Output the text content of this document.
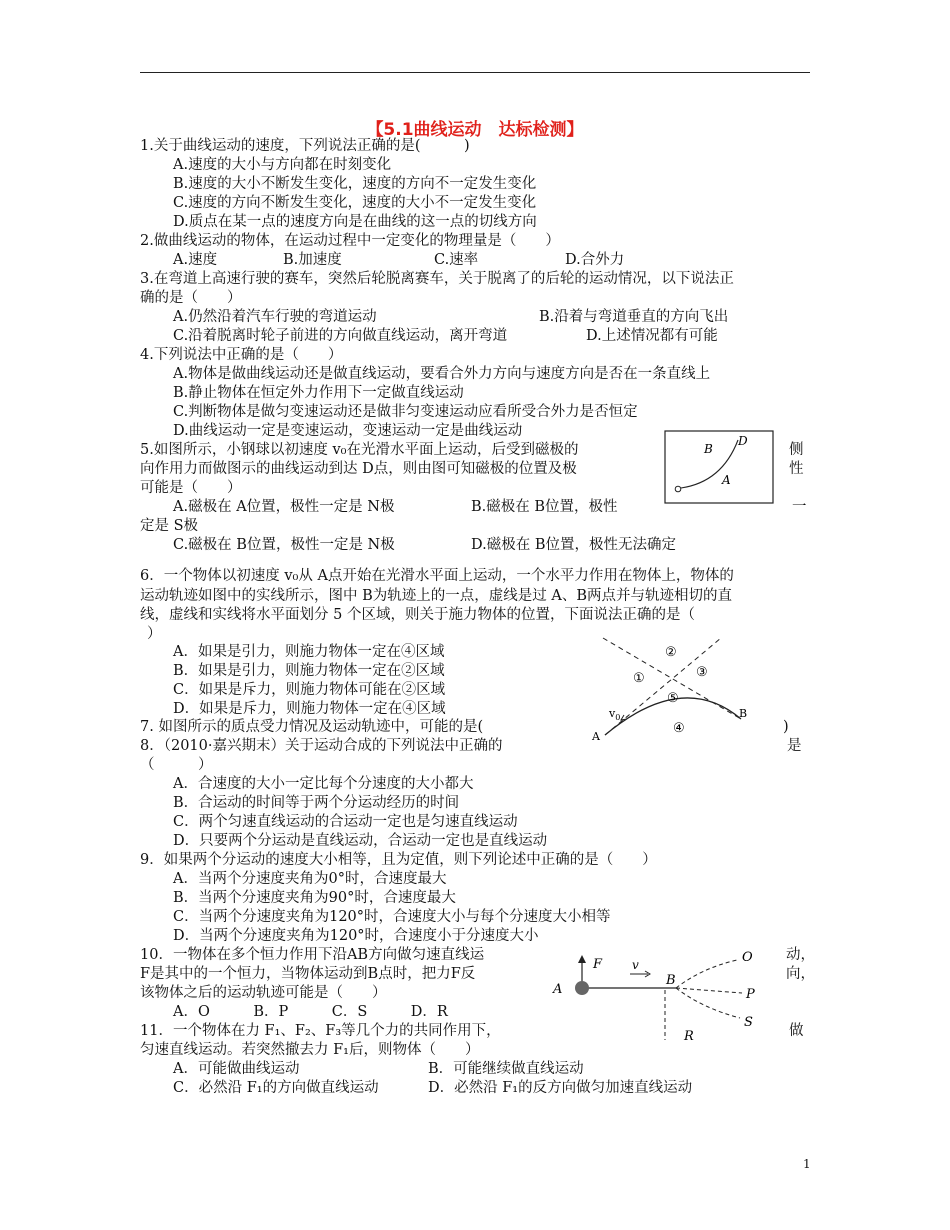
【5.1曲线运动　达标检测】
1.关于曲线运动的速度，下列说法正确的是(　　　)
A.速度的大小与方向都在时刻变化
B.速度的大小不断发生变化，速度的方向不一定发生变化
C.速度的方向不断发生变化，速度的大小不一定发生变化
D.质点在某一点的速度方向是在曲线的这一点的切线方向
2.做曲线运动的物体，在运动过程中一定变化的物理量是（　　）
A.速度	B.加速度	C.速率	D.合外力
3.在弯道上高速行驶的赛车，突然后轮脱离赛车，关于脱离了的后轮的运动情况，以下说法正
确的是（　　）
A.仍然沿着汽车行驶的弯道运动	B.沿着与弯道垂直的方向飞出
C.沿着脱离时轮子前进的方向做直线运动，离开弯道	D.上述情况都有可能
4.下列说法中正确的是（　　）
A.物体是做曲线运动还是做直线运动，要看合外力方向与速度方向是否在一条直线上
B.静止物体在恒定外力作用下一定做直线运动
C.判断物体是做匀变速运动还是做非匀变速运动应看所受合外力是否恒定
D.曲线运动一定是变速运动，变速运动一定是曲线运动
5.如图所示，小钢球以初速度 v₀在光滑水平面上运动，后受到磁极的	侧
向作用力而做图示的曲线运动到达 D点，则由图可知磁极的位置及极	性
可能是（　　）
A.磁极在 A位置，极性一定是 N极	B.磁极在 B位置，极性	一
定是 S极
C.磁极在 B位置，极性一定是 N极	D.磁极在 B位置，极性无法确定
B
D
A
6．一个物体以初速度 v₀从 A点开始在光滑水平面上运动，一个水平力作用在物体上，物体的
运动轨迹如图中的实线所示，图中 B为轨迹上的一点，虚线是过 A、B两点并与轨迹相切的直
线，虚线和实线将水平面划分 5 个区域，则关于施力物体的位置，下面说法正确的是（
）
A．如果是引力，则施力物体一定在④区域
B．如果是引力，则施力物体一定在②区域
C．如果是斥力，则施力物体可能在②区域
D．如果是斥力，则施力物体一定在④区域
②
③
①
⑤
④
A
B
$v_0$
7. 如图所示的质点受力情况及运动轨迹中，可能的是(	)
8．（2010·嘉兴期末）关于运动合成的下列说法中正确的	是
（　　　）
A．合速度的大小一定比每个分速度的大小都大
B．合运动的时间等于两个分运动经历的时间
C．两个匀速直线运动的合运动一定也是匀速直线运动
D．只要两个分运动是直线运动，合运动一定也是直线运动
9．如果两个分运动的速度大小相等，且为定值，则下列论述中正确的是（　　）
A．当两个分速度夹角为0°时，合速度最大
B．当两个分速度夹角为90°时，合速度最大
C．当两个分速度夹角为120°时，合速度大小与每个分速度大小相等
D．当两个分速度夹角为120°时，合速度小于分速度大小
10．一物体在多个恒力作用下沿AB方向做匀速直线运	动，
F是其中的一个恒力，当物体运动到B点时，把力F反	向，
该物体之后的运动轨迹可能是（　　）
A．O　　　B．P　　　C．S　　　D．R
F v
A
B
O
P
S
R
11．一个物体在力 F₁、F₂、F₃等几个力的共同作用下，	做
匀速直线运动。若突然撤去力 F₁后，则物体（　　）
A．可能做曲线运动	B．可能继续做直线运动
C．必然沿 F₁的方向做直线运动	D．必然沿 F₁的反方向做匀加速直线运动
1
